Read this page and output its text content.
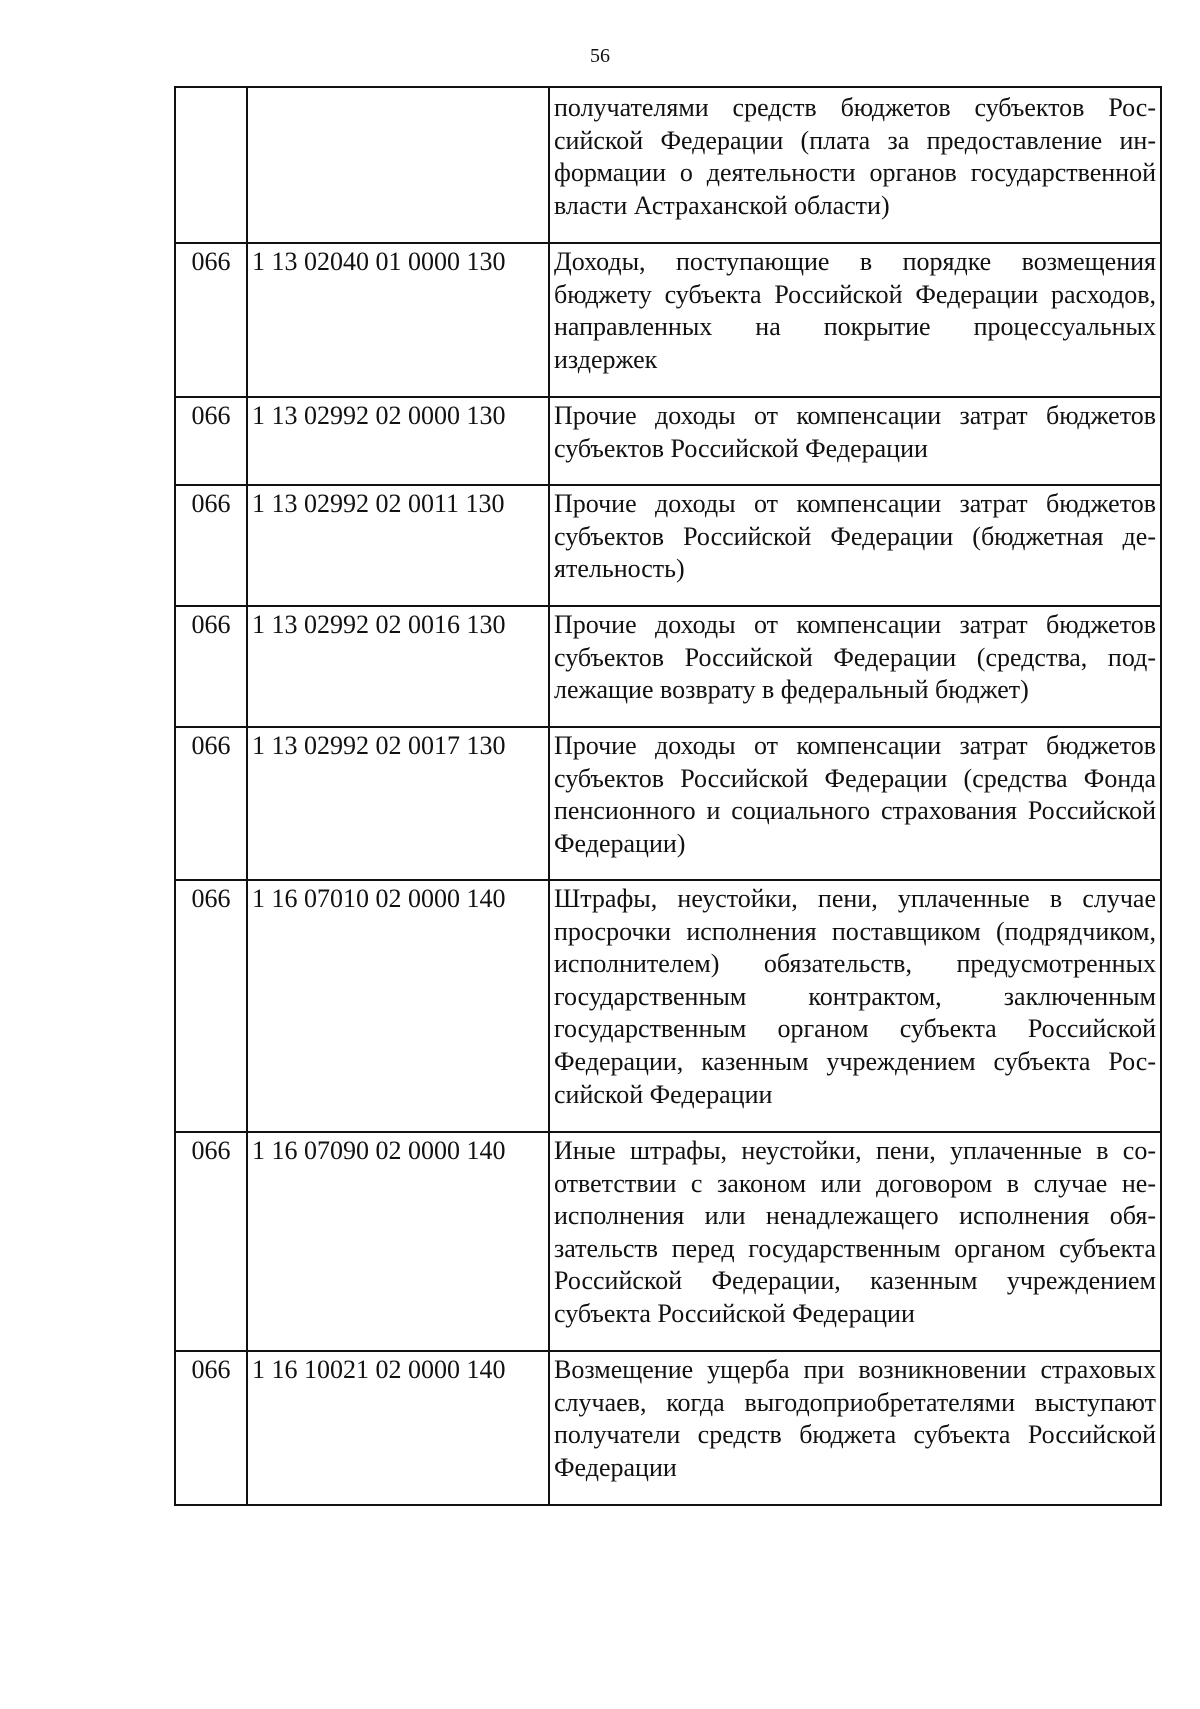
56
		получателями средств бюджетов субъектов Российской Федерации (плата за предоставление информации о деятельности органов государственной власти Астраханской области)
066	1 13 02040 01 0000 130	Доходы, поступающие в порядке возмещения бюджету субъекта Российской Федерации расходов, направленных на покрытие процессуальных издержек
066	1 13 02992 02 0000 130	Прочие доходы от компенсации затрат бюджетов субъектов Российской Федерации
066	1 13 02992 02 0011 130	Прочие доходы от компенсации затрат бюджетов субъектов Российской Федерации (бюджетная деятельность)
066	1 13 02992 02 0016 130	Прочие доходы от компенсации затрат бюджетов субъектов Российской Федерации (средства, подлежащие возврату в федеральный бюджет)
066	1 13 02992 02 0017 130	Прочие доходы от компенсации затрат бюджетов субъектов Российской Федерации (средства Фонда пенсионного и социального страхования Российской Федерации)
066	1 16 07010 02 0000 140	Штрафы, неустойки, пени, уплаченные в случае просрочки исполнения поставщиком (подрядчиком, исполнителем) обязательств, предусмотренных государственным контрактом, заключенным государственным органом субъекта Российской Федерации, казенным учреждением субъекта Российской Федерации
066	1 16 07090 02 0000 140	Иные штрафы, неустойки, пени, уплаченные в соответствии с законом или договором в случае неисполнения или ненадлежащего исполнения обязательств перед государственным органом субъекта Российской Федерации, казенным учреждением субъекта Российской Федерации
066	1 16 10021 02 0000 140	Возмещение ущерба при возникновении страховых случаев, когда выгодоприобретателями выступают получатели средств бюджета субъекта Российской Федерации
